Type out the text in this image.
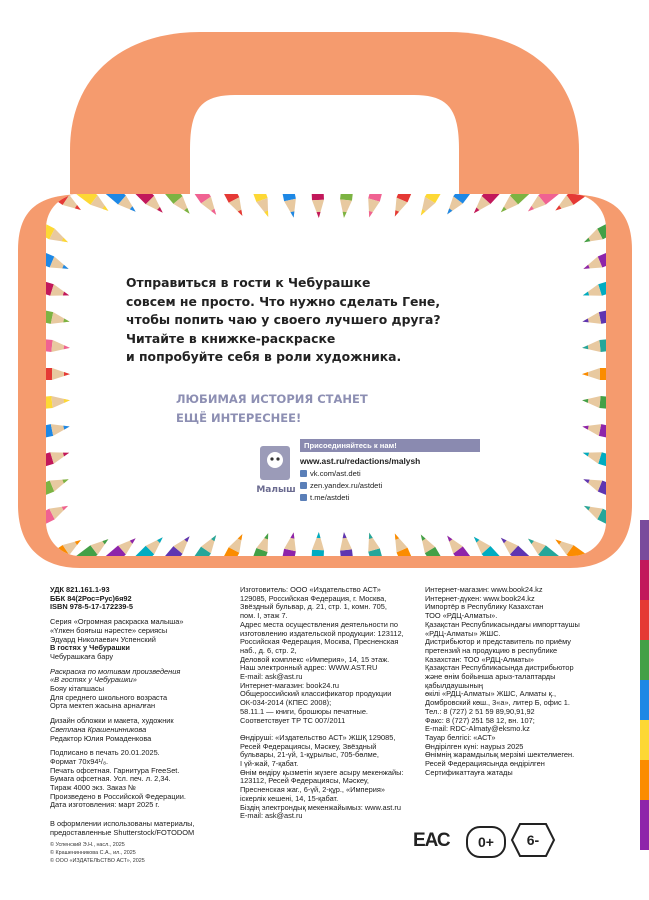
Отправиться в гости к Чебурашке
совсем не просто. Что нужно сделать Гене,
чтобы попить чаю у своего лучшего друга?
Читайте в книжке-раскраске
и попробуйте себя в роли художника.
ЛЮБИМАЯ ИСТОРИЯ СТАНЕТ
ЕЩЁ ИНТЕРЕСНЕЕ!
Малыш
Присоединяйтесь к нам!
www.ast.ru/redactions/malysh
vk.com/ast.deti
zen.yandex.ru/astdeti
t.me/astdeti
УДК 821.161.1-93
ББК 84(2Рос=Рус)6я92
ISBN 978-5-17-172239-5
Серия «Огромная раскраска малыша»
«Үлкен бояғыш нәресте» сериясы
Эдуард Николаевич Успенский
В гостях у Чебурашки
Чебурашкаға бару
Раскраска по мотивам произведения
«В гостях у Чебурашки»
Бояу кітапшасы
Для среднего школьного возраста
Орта мектеп жасына арналған
Дизайн обложки и макета, художник
Светлана Крашенинникова
Редактор Юлия Ромаденкова
Подписано в печать 20.01.2025.
Формат 70x94¹/₈.
Печать офсетная. Гарнитура FreeSet.
Бумага офсетная. Усл. печ. л. 2,34.
Тираж 4000 экз. Заказ №
Произведено в Российской Федерации.
Дата изготовления: март 2025 г.
В оформлении использованы материалы,
предоставленные Shutterstock/FOTODOM
© Успенский Э.Н., насл., 2025
© Крашенинникова С.А., ил., 2025
© ООО «ИЗДАТЕЛЬСТВО АСТ», 2025
Изготовитель: ООО «Издательство АСТ»
129085, Российская Федерация, г. Москва,
Звёздный бульвар, д. 21, стр. 1, комн. 705,
пом. I, этаж 7.
Адрес места осуществления деятельности по
изготовлению издательской продукции: 123112,
Российская Федерация, Москва, Пресненская
наб., д. 6, стр. 2,
Деловой комплекс «Империя», 14, 15 этаж.
Наш электронный адрес: WWW.AST.RU
E-mail: ask@ast.ru
Интернет-магазин: book24.ru
Общероссийский классификатор продукции
ОК-034-2014 (КПЕС 2008);
58.11.1 — книги, брошюры печатные.
Соответствует ТР ТС 007/2011
Өндіруші: «Издательство АСТ» ЖШҚ 129085,
Ресей Федерациясы, Мәскеу, Звёздный
бульвары, 21-үй, 1-құрылыс, 705-бөлме,
I үй-жай, 7-қабат.
Өнім өндіру қызметін жүзеге асыру мекенжайы:
123112, Ресей Федерациясы, Мәскеу,
Пресненская жаг., 6-үй, 2-құр., «Империя»
іскерлік кешені, 14, 15-қабат.
Біздің электрондық мекенжайымыз: www.ast.ru
E-mail: ask@ast.ru
Интернет-магазин: www.book24.kz
Интернет-дүкен: www.book24.kz
Импортёр в Республику Казахстан
ТОО «РДЦ-Алматы».
Қазақстан Республикасындағы импорттаушы
«РДЦ-Алматы» ЖШС.
Дистрибьютор и представитель по приёму
претензий на продукцию в республике
Казахстан: ТОО «РДЦ-Алматы»
Қазақстан Республикасында дистрибьютор
және өнім бойынша арыз-талаптарды
қабылдаушының
өкілі «РДЦ-Алматы» ЖШС, Алматы қ.,
Домбровский көш., 3«а», литер Б, офис 1.
Тел.: 8 (727) 2 51 59 89,90,91,92
Факс: 8 (727) 251 58 12, вн. 107;
E-mail: RDC-Almaty@eksmo.kz
Тауар белгісі: «АСТ»
Өндірілген күні: наурыз 2025
Өнімнің жарамдылық мерзімі шектелмеген.
Ресей Федерациясында өндірілген
Сертификаттауға жатады
ЕАС	0+	6-
